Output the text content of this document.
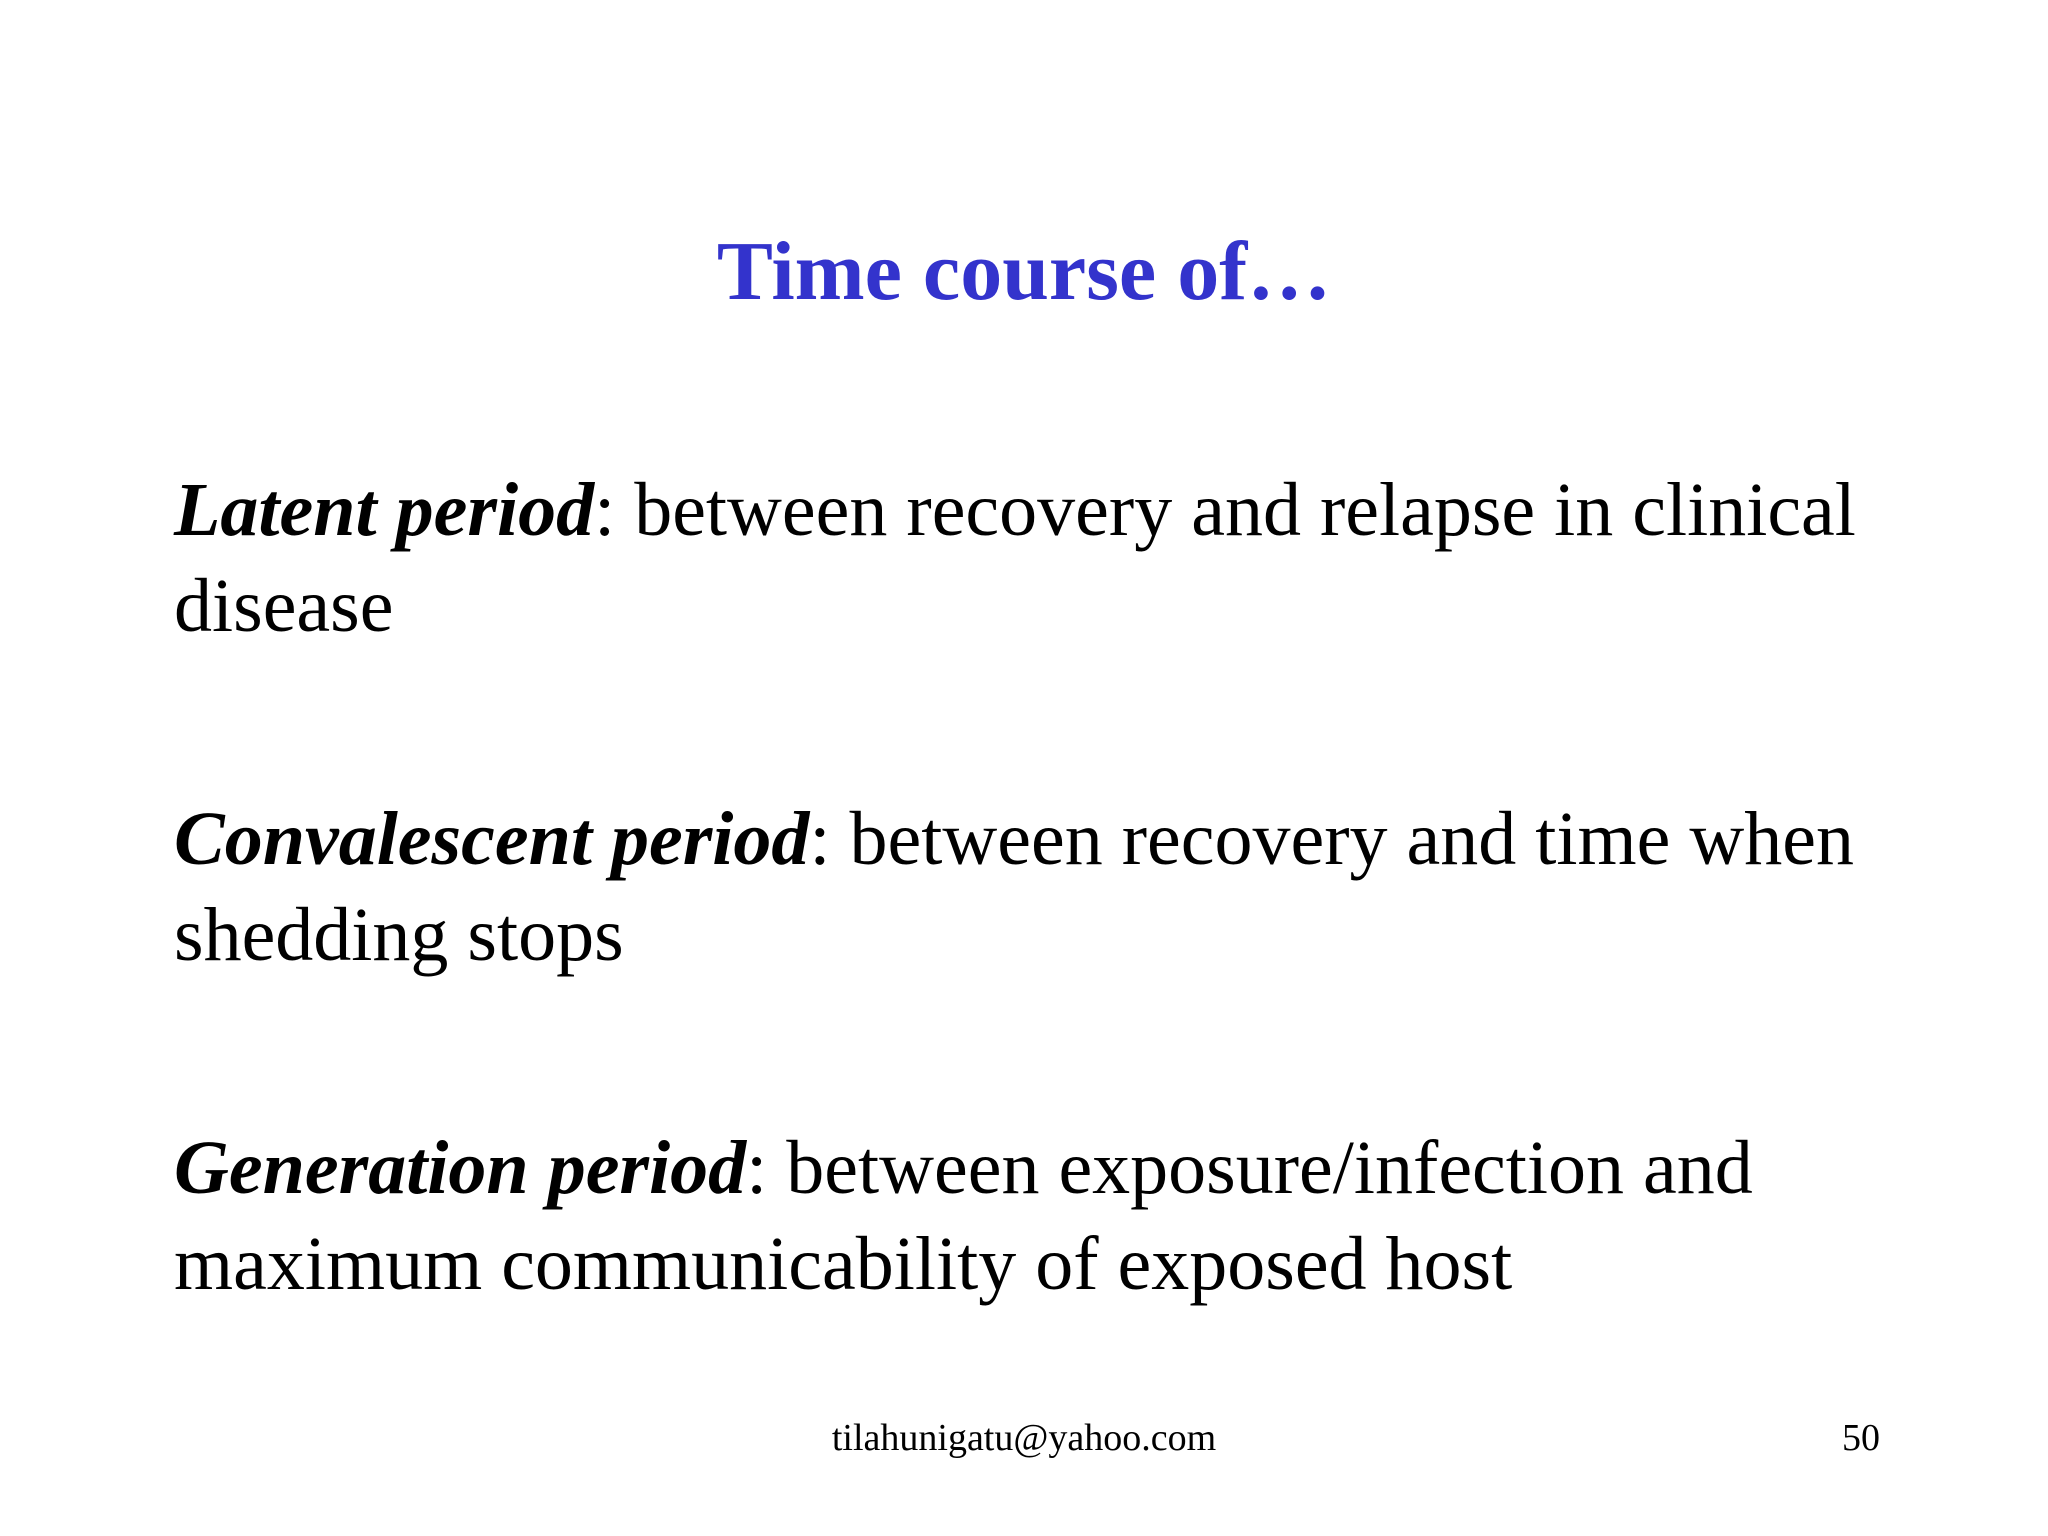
Time course of…

Latent period: between recovery and relapse in clinical disease

Convalescent period: between recovery and time when shedding stops

Generation period: between exposure/infection and maximum communicability of exposed host

tilahunigatu@yahoo.com	50
